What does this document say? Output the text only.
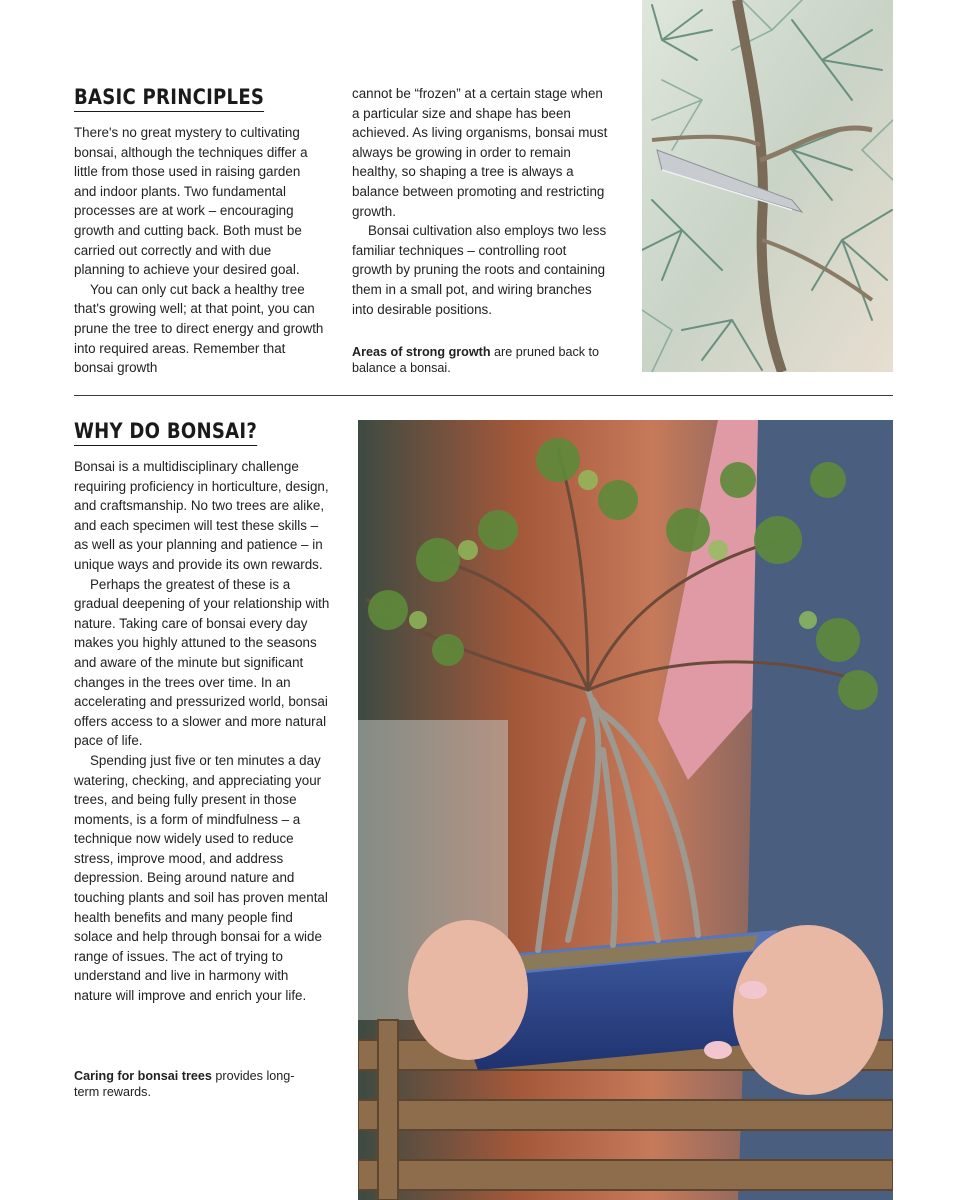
BASIC PRINCIPLES

There's no great mystery to cultivating bonsai, although the techniques differ a little from those used in raising garden and indoor plants. Two fundamental processes are at work – encouraging growth and cutting back. Both must be carried out correctly and with due planning to achieve your desired goal.

You can only cut back a healthy tree that's growing well; at that point, you can prune the tree to direct energy and growth into required areas. Remember that bonsai growth

cannot be “frozen” at a certain stage when a particular size and shape has been achieved. As living organisms, bonsai must always be growing in order to remain healthy, so shaping a tree is always a balance between promoting and restricting growth.

Bonsai cultivation also employs two less familiar techniques – controlling root growth by pruning the roots and containing them in a small pot, and wiring branches into desirable positions.

Areas of strong growth are pruned back to balance a bonsai.
WHY DO BONSAI?

Bonsai is a multidisciplinary challenge requiring proficiency in horticulture, design, and craftsmanship. No two trees are alike, and each specimen will test these skills – as well as your planning and patience – in unique ways and provide its own rewards.

Perhaps the greatest of these is a gradual deepening of your relationship with nature. Taking care of bonsai every day makes you highly attuned to the seasons and aware of the minute but significant changes in the trees over time. In an accelerating and pressurized world, bonsai offers access to a slower and more natural pace of life.

Spending just five or ten minutes a day watering, checking, and appreciating your trees, and being fully present in those moments, is a form of mindfulness – a technique now widely used to reduce stress, improve mood, and address depression. Being around nature and touching plants and soil has proven mental health benefits and many people find solace and help through bonsai for a wide range of issues. The act of trying to understand and live in harmony with nature will improve and enrich your life.

Caring for bonsai trees provides long-term rewards.
